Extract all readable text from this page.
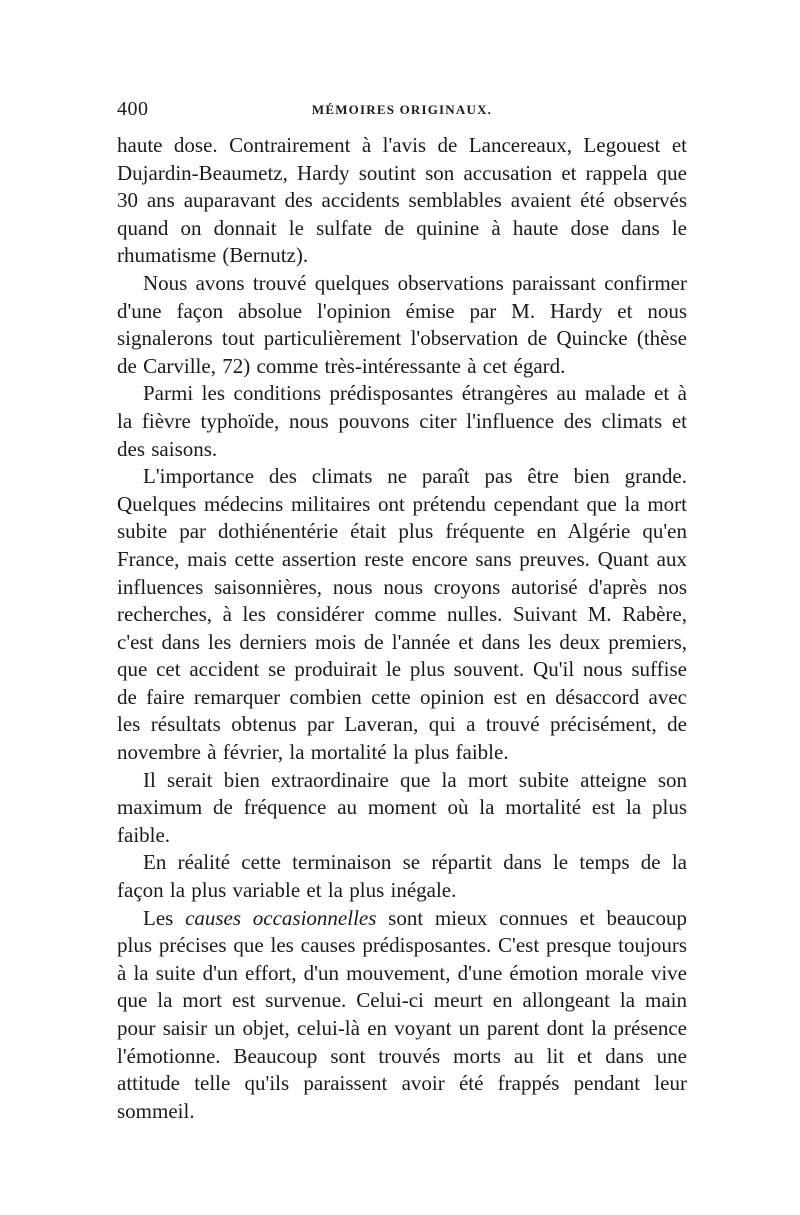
400	MÉMOIRES ORIGINAUX.

haute dose. Contrairement à l'avis de Lancereaux, Legouest et Dujardin-Beaumetz, Hardy soutint son accusation et rappela que 30 ans auparavant des accidents semblables avaient été observés quand on donnait le sulfate de quinine à haute dose dans le rhumatisme (Bernutz).

Nous avons trouvé quelques observations paraissant confirmer d'une façon absolue l'opinion émise par M. Hardy et nous signalerons tout particulièrement l'observation de Quincke (thèse de Carville, 72) comme très-intéressante à cet égard.

Parmi les conditions prédisposantes étrangères au malade et à la fièvre typhoïde, nous pouvons citer l'influence des climats et des saisons.

L'importance des climats ne paraît pas être bien grande. Quelques médecins militaires ont prétendu cependant que la mort subite par dothiénentérie était plus fréquente en Algérie qu'en France, mais cette assertion reste encore sans preuves. Quant aux influences saisonnières, nous nous croyons autorisé d'après nos recherches, à les considérer comme nulles. Suivant M. Rabère, c'est dans les derniers mois de l'année et dans les deux premiers, que cet accident se produirait le plus souvent. Qu'il nous suffise de faire remarquer combien cette opinion est en désaccord avec les résultats obtenus par Laveran, qui a trouvé précisément, de novembre à février, la mortalité la plus faible.

Il serait bien extraordinaire que la mort subite atteigne son maximum de fréquence au moment où la mortalité est la plus faible.

En réalité cette terminaison se répartit dans le temps de la façon la plus variable et la plus inégale.

Les causes occasionnelles sont mieux connues et beaucoup plus précises que les causes prédisposantes. C'est presque toujours à la suite d'un effort, d'un mouvement, d'une émotion morale vive que la mort est survenue. Celui-ci meurt en allongeant la main pour saisir un objet, celui-là en voyant un parent dont la présence l'émotionne. Beaucoup sont trouvés morts au lit et dans une attitude telle qu'ils paraissent avoir été frappés pendant leur sommeil.
